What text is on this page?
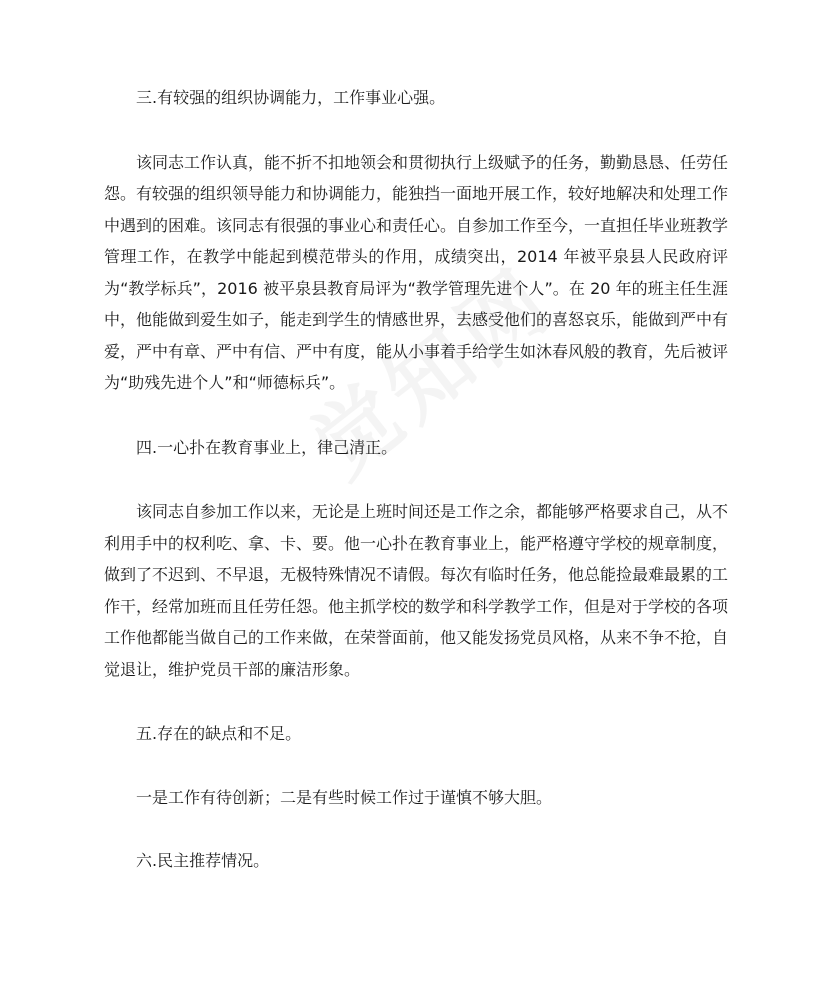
三.有较强的组织协调能力，工作事业心强。

该同志工作认真，能不折不扣地领会和贯彻执行上级赋予的任务，勤勤恳恳、任劳任怨。有较强的组织领导能力和协调能力，能独挡一面地开展工作，较好地解决和处理工作中遇到的困难。该同志有很强的事业心和责任心。自参加工作至今，一直担任毕业班教学管理工作，在教学中能起到模范带头的作用，成绩突出，2014 年被平泉县人民政府评为“教学标兵”，2016 被平泉县教育局评为“教学管理先进个人”。在 20 年的班主任生涯中，他能做到爱生如子，能走到学生的情感世界，去感受他们的喜怒哀乐，能做到严中有爱，严中有章、严中有信、严中有度，能从小事着手给学生如沐春风般的教育，先后被评为“助残先进个人”和“师德标兵”。

四.一心扑在教育事业上，律己清正。

该同志自参加工作以来，无论是上班时间还是工作之余，都能够严格要求自己，从不利用手中的权利吃、拿、卡、要。他一心扑在教育事业上，能严格遵守学校的规章制度，做到了不迟到、不早退，无极特殊情况不请假。每次有临时任务，他总能捡最难最累的工作干，经常加班而且任劳任怨。他主抓学校的数学和科学教学工作，但是对于学校的各项工作他都能当做自己的工作来做，在荣誉面前，他又能发扬党员风格，从来不争不抢，自觉退让，维护党员干部的廉洁形象。

五.存在的缺点和不足。

一是工作有待创新；二是有些时候工作过于谨慎不够大胆。

六.民主推荐情况。
